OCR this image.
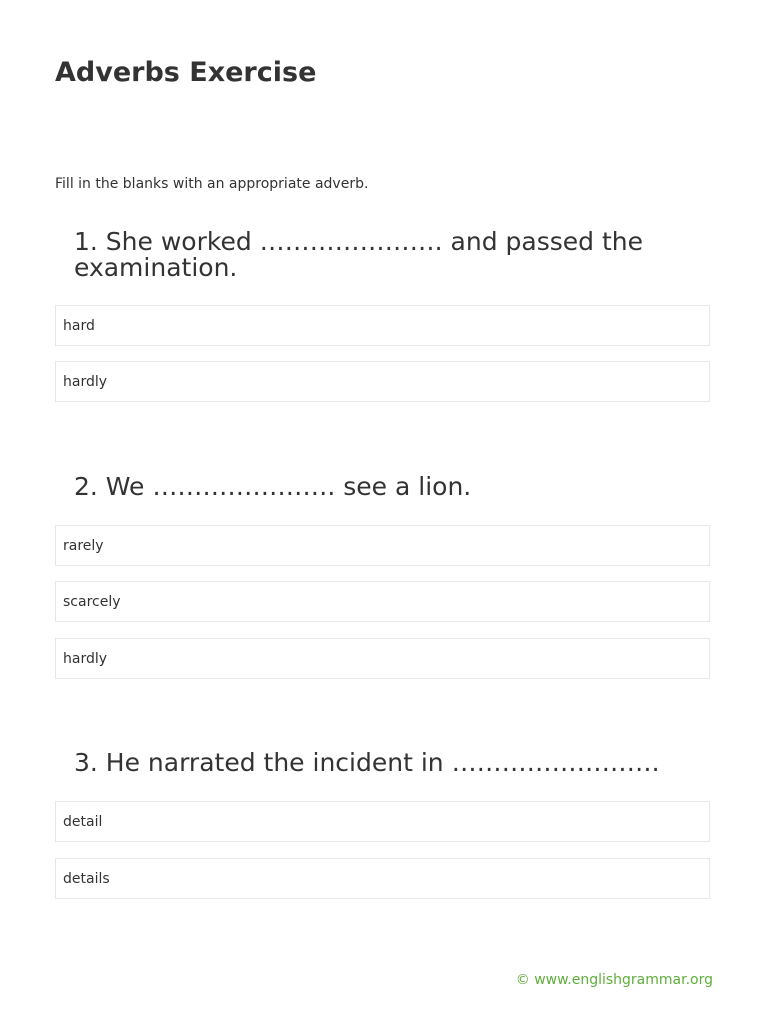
Adverbs Exercise

Fill in the blanks with an appropriate adverb.

1. She worked …………………. and passed the examination.
hard
hardly
2. We …………………. see a lion.
rarely
scarcely
hardly
3. He narrated the incident in …………………….
detail
details

© www.englishgrammar.org
